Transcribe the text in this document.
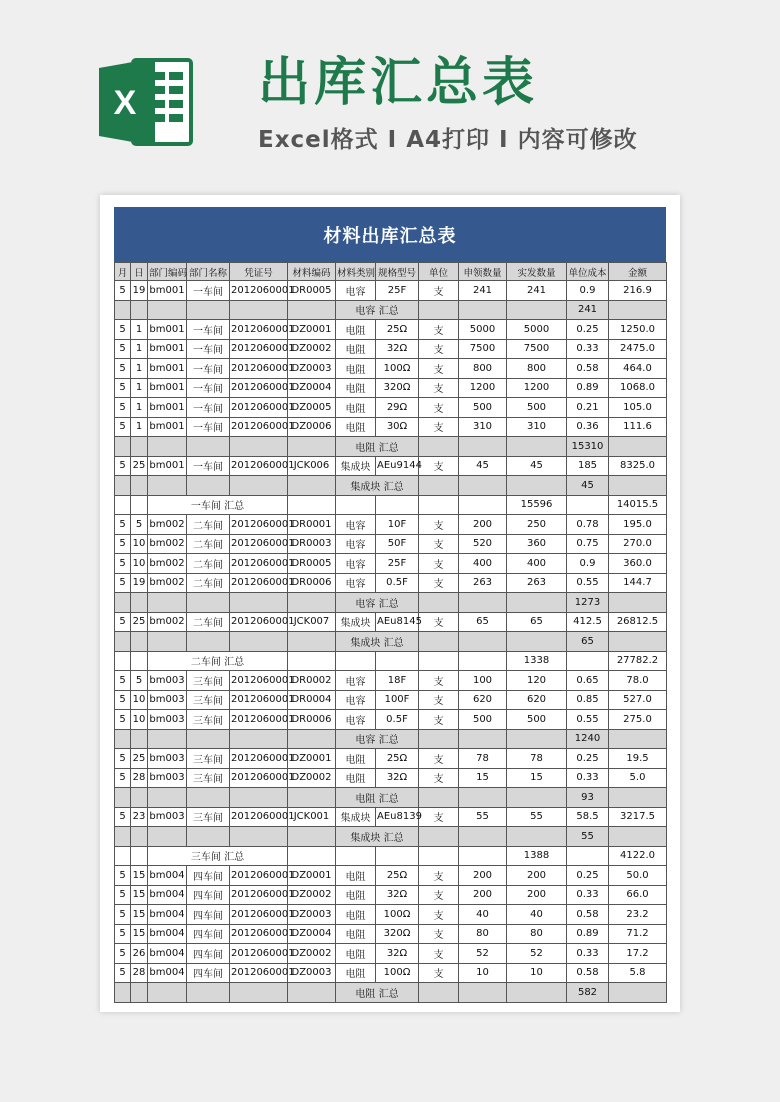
X 出库汇总表
Excel格式 I A4打印 I 内容可修改
材料出库汇总表
月	日	部门编码	部门名称	凭证号	材料编码	材料类别	规格型号	单位	申领数量	实发数量	单位成本	金额	
5	19	bm001	一车间	2012060001	DR0005	电容	25F	支	241	241	0.9	216.9	
						电容 汇总					241		
5	1	bm001	一车间	2012060001	DZ0001	电阻	25Ω	支	5000	5000	0.25	1250.0	
5	1	bm001	一车间	2012060001	DZ0002	电阻	32Ω	支	7500	7500	0.33	2475.0	
5	1	bm001	一车间	2012060001	DZ0003	电阻	100Ω	支	800	800	0.58	464.0	
5	1	bm001	一车间	2012060001	DZ0004	电阻	320Ω	支	1200	1200	0.89	1068.0	
5	1	bm001	一车间	2012060001	DZ0005	电阻	29Ω	支	500	500	0.21	105.0	
5	1	bm001	一车间	2012060001	DZ0006	电阻	30Ω	支	310	310	0.36	111.6	
						电阻 汇总					15310		
5	25	bm001	一车间	2012060001	JCK006	集成块	AEu9144	支	45	45	185	8325.0	
						集成块 汇总					45		
		一车间 汇总								15596		14015.5	
5	5	bm002	二车间	2012060001	DR0001	电容	10F	支	200	250	0.78	195.0	
5	10	bm002	二车间	2012060001	DR0003	电容	50F	支	520	360	0.75	270.0	
5	10	bm002	二车间	2012060001	DR0005	电容	25F	支	400	400	0.9	360.0	
5	19	bm002	二车间	2012060001	DR0006	电容	0.5F	支	263	263	0.55	144.7	
						电容 汇总					1273		
5	25	bm002	二车间	2012060001	JCK007	集成块	AEu8145	支	65	65	412.5	26812.5	
						集成块 汇总					65		
		二车间 汇总								1338		27782.2	
5	5	bm003	三车间	2012060001	DR0002	电容	18F	支	100	120	0.65	78.0	
5	10	bm003	三车间	2012060001	DR0004	电容	100F	支	620	620	0.85	527.0	
5	10	bm003	三车间	2012060001	DR0006	电容	0.5F	支	500	500	0.55	275.0	
						电容 汇总					1240		
5	25	bm003	三车间	2012060001	DZ0001	电阻	25Ω	支	78	78	0.25	19.5	
5	28	bm003	三车间	2012060001	DZ0002	电阻	32Ω	支	15	15	0.33	5.0	
						电阻 汇总					93		
5	23	bm003	三车间	2012060001	JCK001	集成块	AEu8139	支	55	55	58.5	3217.5	
						集成块 汇总					55		
		三车间 汇总								1388		4122.0	
5	15	bm004	四车间	2012060001	DZ0001	电阻	25Ω	支	200	200	0.25	50.0	
5	15	bm004	四车间	2012060001	DZ0002	电阻	32Ω	支	200	200	0.33	66.0	
5	15	bm004	四车间	2012060001	DZ0003	电阻	100Ω	支	40	40	0.58	23.2	
5	15	bm004	四车间	2012060001	DZ0004	电阻	320Ω	支	80	80	0.89	71.2	
5	26	bm004	四车间	2012060001	DZ0002	电阻	32Ω	支	52	52	0.33	17.2	
5	28	bm004	四车间	2012060001	DZ0003	电阻	100Ω	支	10	10	0.58	5.8	
						电阻 汇总					582		
